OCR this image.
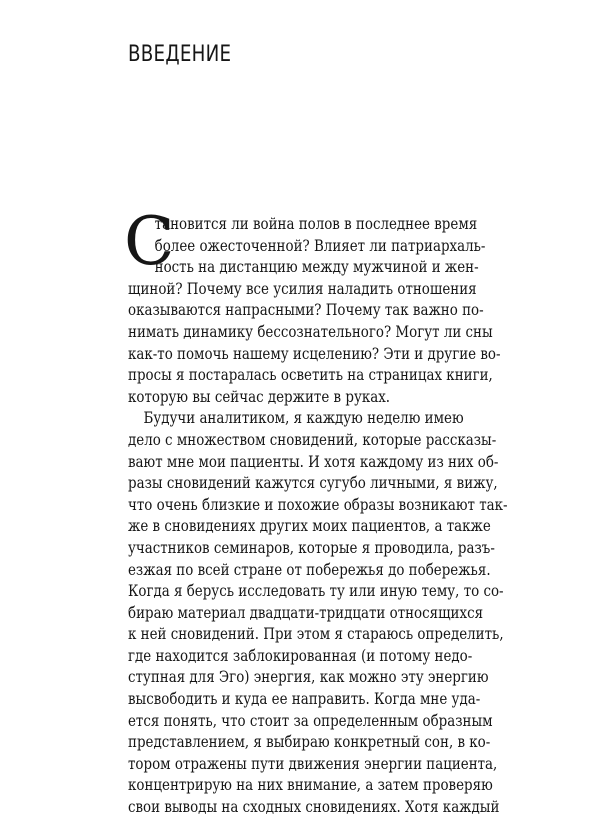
ВВЕДЕНИЕ
С
тановится ли война полов в последнее время
более ожесточенной? Влияет ли патриархаль-
ность на дистанцию между мужчиной и жен-
щиной? Почему все усилия наладить отношения
оказываются напрасными? Почему так важно по-
нимать динамику бессознательного? Могут ли сны
как-то помочь нашему исцелению? Эти и другие во-
просы я постаралась осветить на страницах книги,
которую вы сейчас держите в руках.
Будучи аналитиком, я каждую неделю имею
дело с множеством сновидений, которые рассказы-
вают мне мои пациенты. И хотя каждому из них об-
разы сновидений кажутся сугубо личными, я вижу,
что очень близкие и похожие образы возникают так-
же в сновидениях других моих пациентов, а также
участников семинаров, которые я проводила, разъ-
езжая по всей стране от побережья до побережья.
Когда я берусь исследовать ту или иную тему, то со-
бираю материал двадцати-тридцати относящихся
к ней сновидений. При этом я стараюсь определить,
где находится заблокированная (и потому недо-
ступная для Эго) энергия, как можно эту энергию
высвободить и куда ее направить. Когда мне уда-
ется понять, что стоит за определенным образным
представлением, я выбираю конкретный сон, в ко-
тором отражены пути движения энергии пациента,
концентрирую на них внимание, а затем проверяю
свои выводы на сходных сновидениях. Хотя каждый
